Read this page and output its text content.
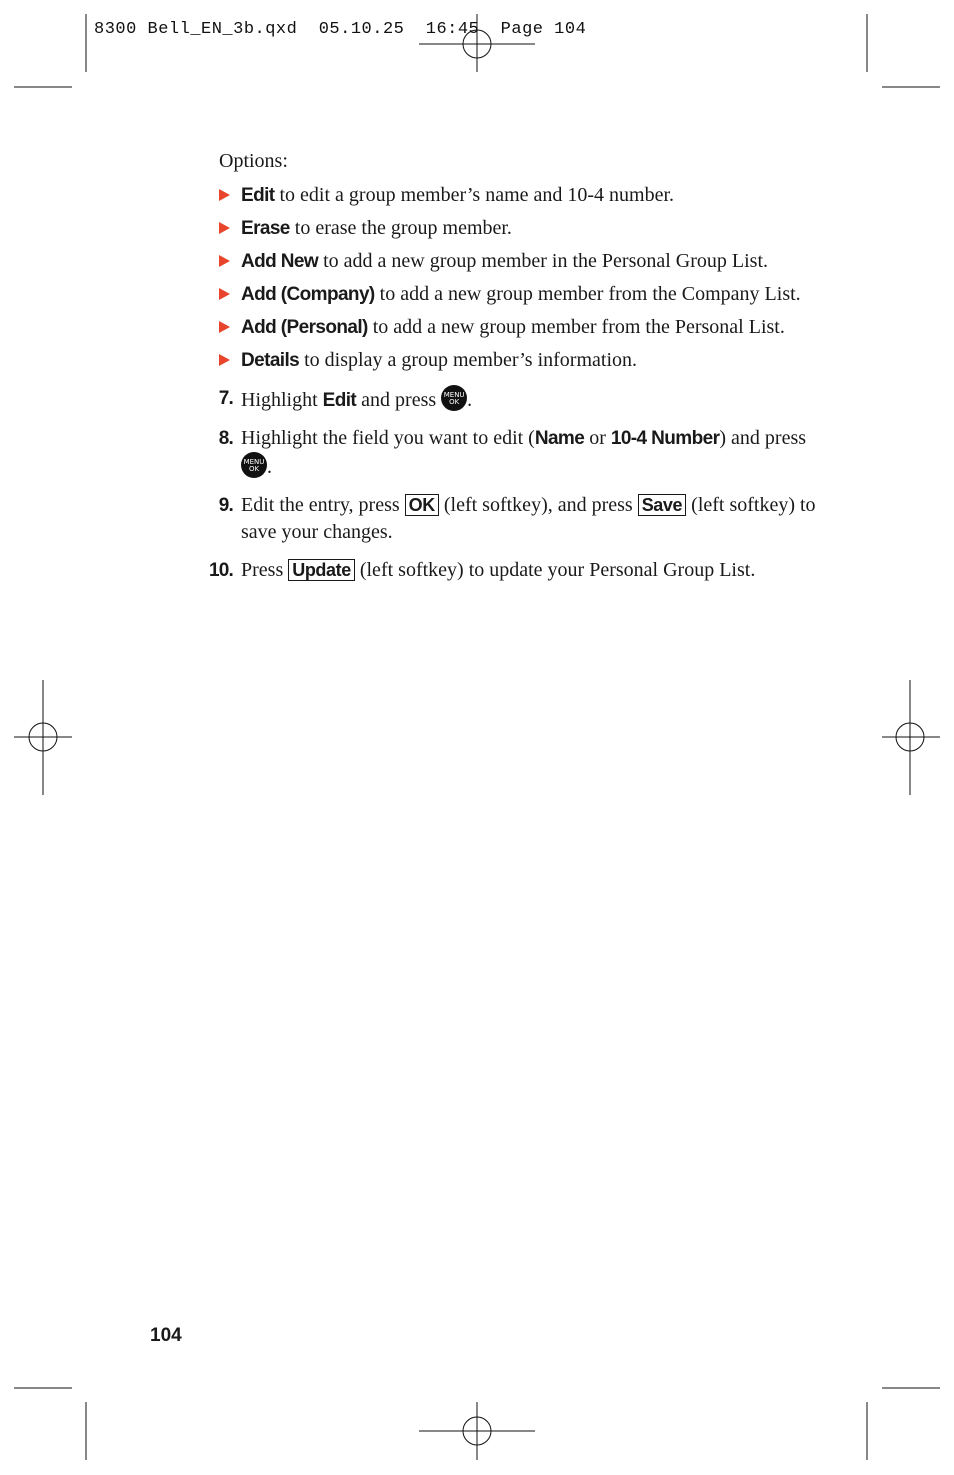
8300 Bell_EN_3b.qxd  05.10.25  16:45  Page 104
Options:
Edit to edit a group member’s name and 10-4 number.
Erase to erase the group member.
Add New to add a new group member in the Personal Group List.
Add (Company) to add a new group member from the Company List.
Add (Personal) to add a new group member from the Personal List.
Details to display a group member’s information.
7. Highlight Edit and press MENU
OK .
8. Highlight the field you want to edit (Name or 10-4 Number) and press
MENU
OK .
9. Edit the entry, press OK (left softkey), and press Save (left softkey) to save your changes.
10. Press Update (left softkey) to update your Personal Group List.
104
